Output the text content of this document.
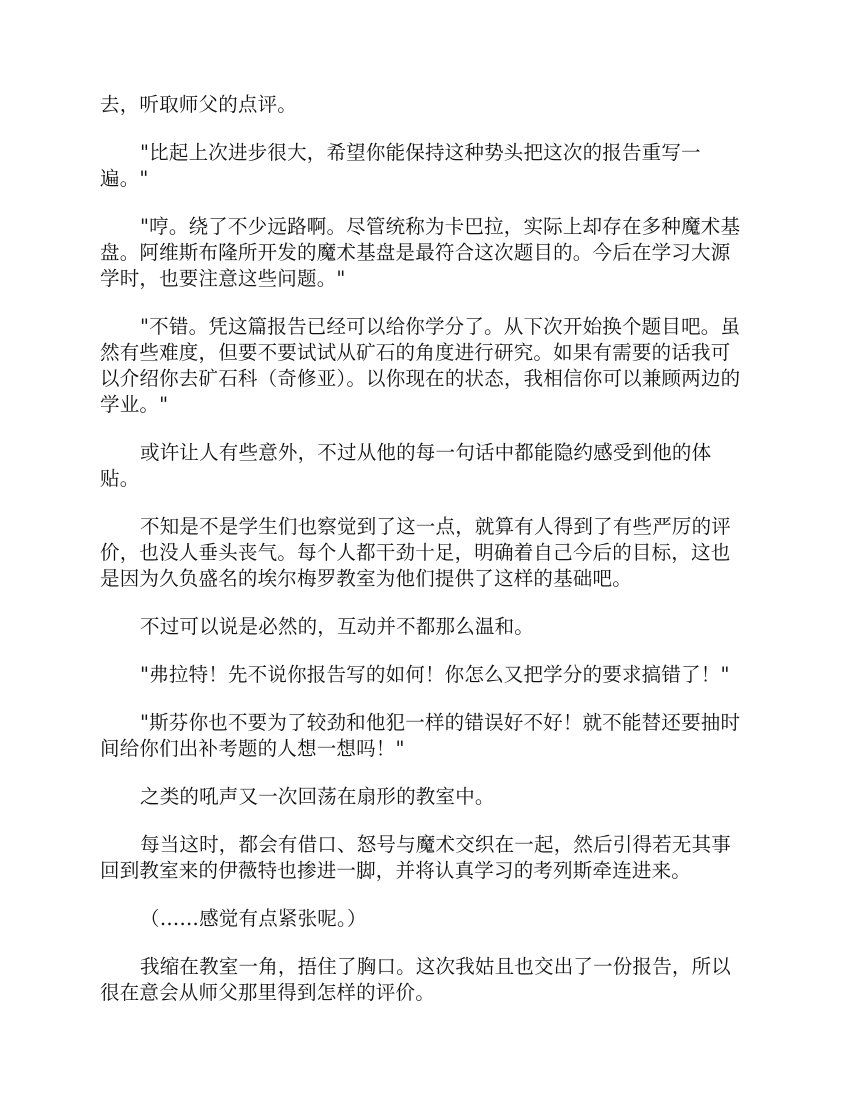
去，听取师父的点评。

"比起上次进步很大，希望你能保持这种势头把这次的报告重写一遍。"

"哼。绕了不少远路啊。尽管统称为卡巴拉，实际上却存在多种魔术基盘。阿维斯布隆所开发的魔术基盘是最符合这次题目的。今后在学习大源学时，也要注意这些问题。"

"不错。凭这篇报告已经可以给你学分了。从下次开始换个题目吧。虽然有些难度，但要不要试试从矿石的角度进行研究。如果有需要的话我可以介绍你去矿石科（奇修亚）。以你现在的状态，我相信你可以兼顾两边的学业。"

或许让人有些意外，不过从他的每一句话中都能隐约感受到他的体贴。

不知是不是学生们也察觉到了这一点，就算有人得到了有些严厉的评价，也没人垂头丧气。每个人都干劲十足，明确着自己今后的目标，这也是因为久负盛名的埃尔梅罗教室为他们提供了这样的基础吧。

不过可以说是必然的，互动并不都那么温和。

"弗拉特！先不说你报告写的如何！你怎么又把学分的要求搞错了！"

"斯芬你也不要为了较劲和他犯一样的错误好不好！就不能替还要抽时间给你们出补考题的人想一想吗！"

之类的吼声又一次回荡在扇形的教室中。

每当这时，都会有借口、怒号与魔术交织在一起，然后引得若无其事回到教室来的伊薇特也掺进一脚，并将认真学习的考列斯牵连进来。

（……感觉有点紧张呢。）

我缩在教室一角，捂住了胸口。这次我姑且也交出了一份报告，所以很在意会从师父那里得到怎样的评价。
